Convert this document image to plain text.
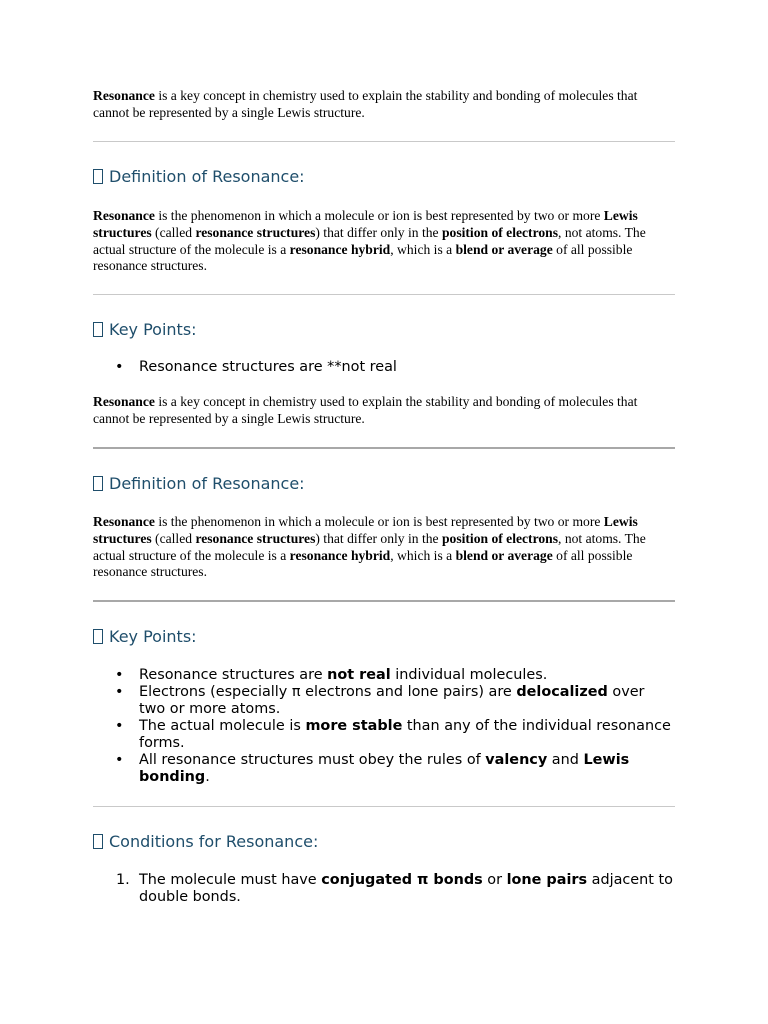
Resonance is a key concept in chemistry used to explain the stability and bonding of molecules that cannot be represented by a single Lewis structure.

Definition of Resonance:

Resonance is the phenomenon in which a molecule or ion is best represented by two or more Lewis structures (called resonance structures) that differ only in the position of electrons, not atoms. The actual structure of the molecule is a resonance hybrid, which is a blend or average of all possible resonance structures.

Key Points:
•	Resonance structures are **not real

Resonance is a key concept in chemistry used to explain the stability and bonding of molecules that cannot be represented by a single Lewis structure.

Definition of Resonance:

Resonance is the phenomenon in which a molecule or ion is best represented by two or more Lewis structures (called resonance structures) that differ only in the position of electrons, not atoms. The actual structure of the molecule is a resonance hybrid, which is a blend or average of all possible resonance structures.

Key Points:
•	Resonance structures are not real individual molecules.
•	Electrons (especially π electrons and lone pairs) are delocalized over two or more atoms.
•	The actual molecule is more stable than any of the individual resonance forms.
•	All resonance structures must obey the rules of valency and Lewis bonding.
Conditions for Resonance:
1. The molecule must have conjugated π bonds or lone pairs adjacent to double bonds.
